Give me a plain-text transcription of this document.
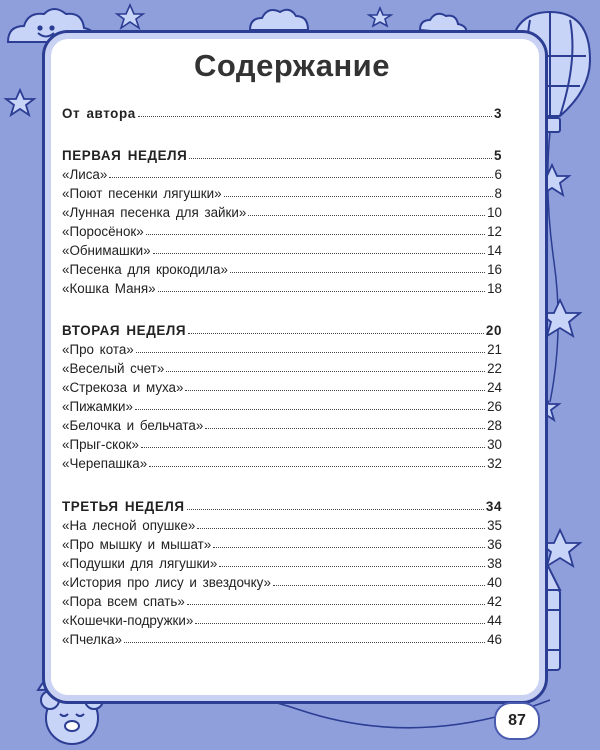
Содержание
От автора	3
ПЕРВАЯ НЕДЕЛЯ	5
«Лиса»	6
«Поют песенки лягушки»	8
«Лунная песенка для зайки»	10
«Поросёнок»	12
«Обнимашки»	14
«Песенка для крокодила»	16
«Кошка Маня»	18
ВТОРАЯ НЕДЕЛЯ	20
«Про кота»	21
«Веселый счет»	22
«Стрекоза и муха»	24
«Пижамки»	26
«Белочка и бельчата»	28
«Прыг-скок»	30
«Черепашка»	32
ТРЕТЬЯ НЕДЕЛЯ	34
«На лесной опушке»	35
«Про мышку и мышат»	36
«Подушки для лягушки»	38
«История про лису и звездочку»	40
«Пора всем спать»	42
«Кошечки-подружки»	44
«Пчелка»	46
87
